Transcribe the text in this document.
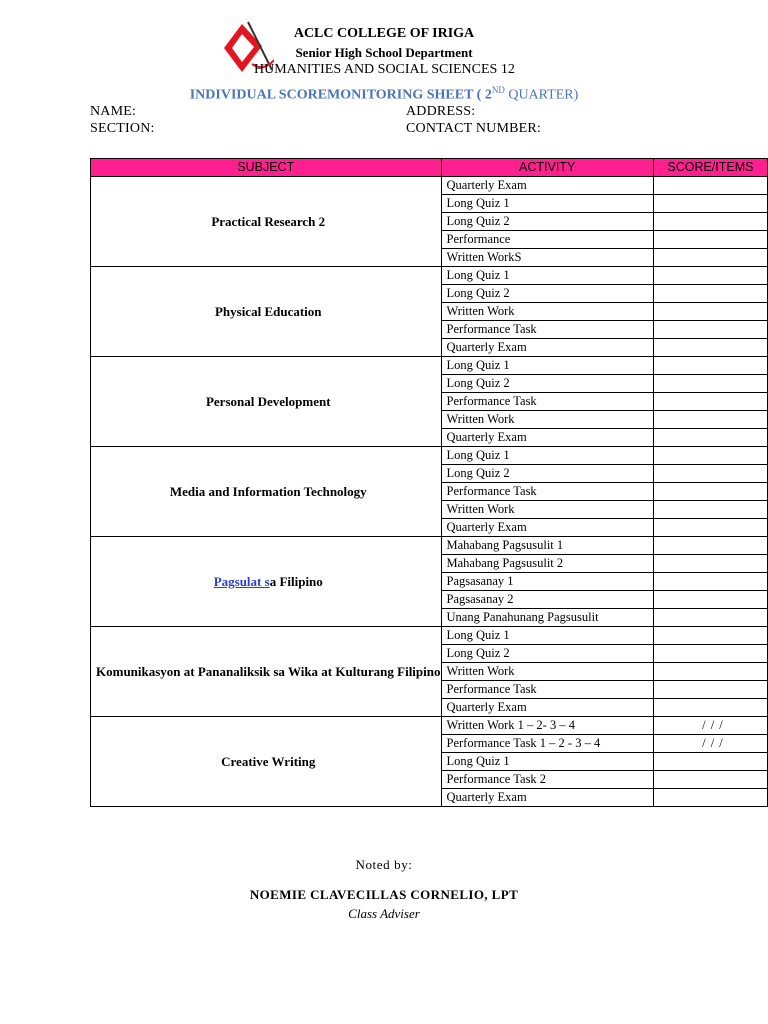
ACLC COLLEGE OF IRIGA
Senior High School Department
HUMANITIES AND SOCIAL SCIENCES 12
INDIVIDUAL SCOREMONITORING SHEET ( 2ND QUARTER)
NAME:
SECTION:
ADDRESS:
CONTACT NUMBER:
SUBJECT	ACTIVITY	SCORE/ITEMS
Practical Research 2	Quarterly Exam	
	Long Quiz 1	
	Long Quiz 2	
	Performance	
	Written WorkS	
Physical Education	Long Quiz 1	
	Long Quiz 2	
	Written Work	
	Performance Task	
	Quarterly Exam	
Personal Development	Long Quiz 1	
	Long Quiz 2	
	Performance Task	
	Written Work	
	Quarterly Exam	
Media and Information Technology	Long Quiz 1	
	Long Quiz 2	
	Performance Task	
	Written Work	
	Quarterly Exam	
Pagsulat sa Filipino	Mahabang Pagsusulit 1	
	Mahabang Pagsusulit 2	
	Pagsasanay 1	
	Pagsasanay 2	
	Unang Panahunang Pagsusulit	
Komunikasyon at Pananaliksik sa Wika at Kulturang Filipino	Long Quiz 1	
	Long Quiz 2	
	Written Work	
	Performance Task	
	Quarterly Exam	
Creative Writing	Written Work 1 – 2- 3 – 4	/ / /
	Performance Task 1 – 2 - 3 – 4	/ / /
	Long Quiz 1	
	Performance Task 2	
	Quarterly Exam	
Noted by:
NOEMIE CLAVECILLAS CORNELIO, LPT
Class Adviser
